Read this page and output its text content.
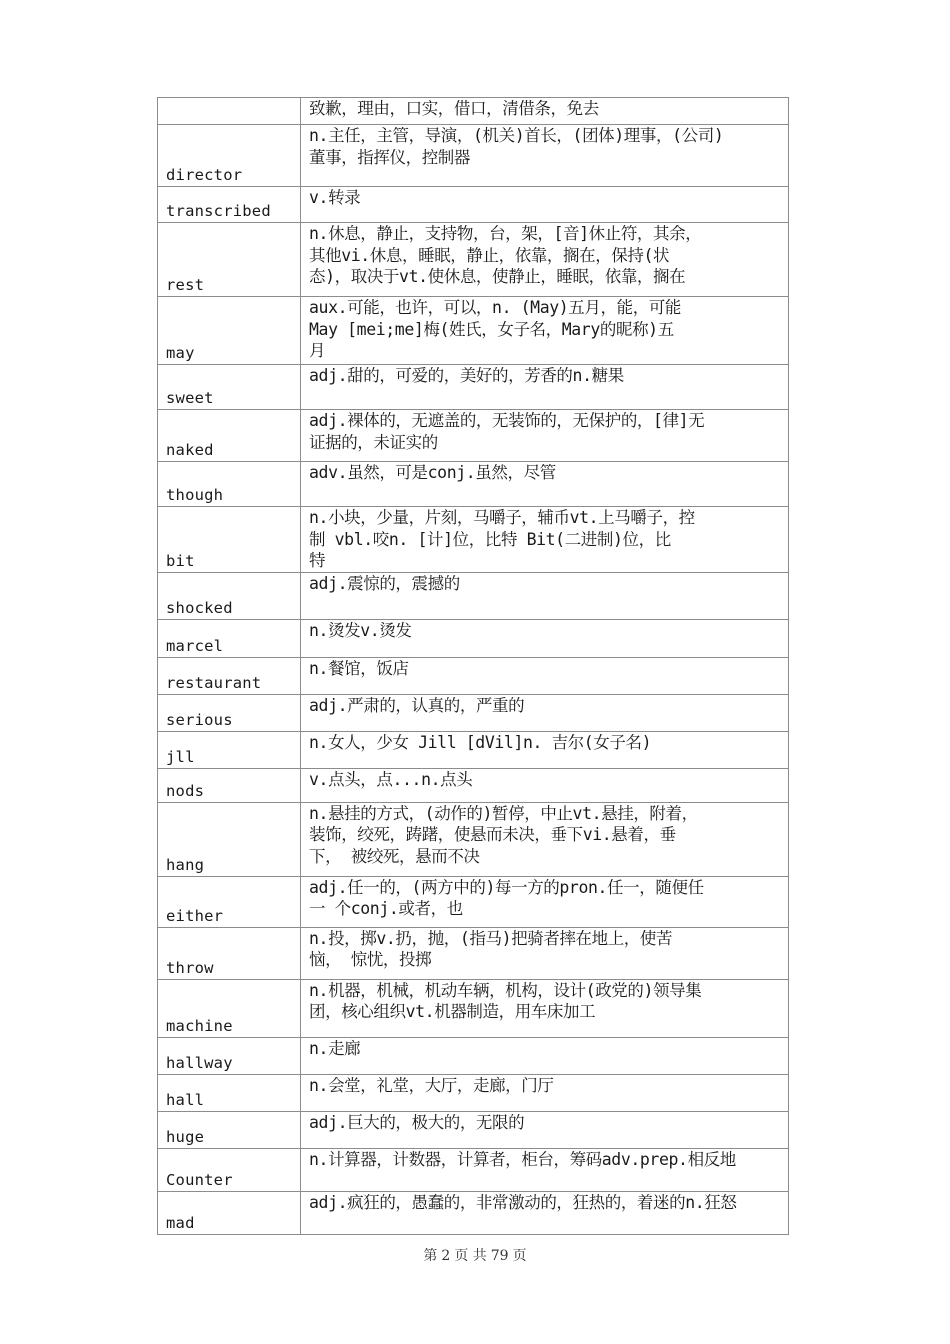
	致歉，理由，口实，借口，清借条，免去

director	n.主任，主管，导演，(机关)首长，(团体)理事，(公司)
董事，指挥仪，控制器

transcribed	v.转录

rest	n.休息，静止，支持物，台，架，[音]休止符，其余，
其他vi.休息，睡眠，静止，依靠，搁在，保持(状
态)，取决于vt.使休息，使静止，睡眠，依靠，搁在

may	aux.可能，也许，可以，n. (May)五月，能，可能
May [mei;me]梅(姓氏，女子名，Mary的昵称)五
月

sweet	adj.甜的，可爱的，美好的，芳香的n.糖果

naked	adj.裸体的，无遮盖的，无装饰的，无保护的，[律]无
证据的，未证实的

though	adv.虽然，可是conj.虽然，尽管

bit	n.小块，少量，片刻，马嚼子，辅币vt.上马嚼子，控
制 vbl.咬n. [计]位，比特 Bit(二进制)位，比
特

shocked	adj.震惊的，震撼的

marcel	n.烫发v.烫发

restaurant	n.餐馆，饭店

serious	adj.严肃的，认真的，严重的

jll	n.女人，少女 Jill [dVil]n. 吉尔(女子名)

nods	v.点头，点...n.点头

hang	n.悬挂的方式，(动作的)暂停，中止vt.悬挂，附着，
装饰，绞死，踌躇，使悬而未决，垂下vi.悬着，垂
下， 被绞死，悬而不决

either	adj.任一的，(两方中的)每一方的pron.任一，随便任
一 个conj.或者，也

throw	n.投，掷v.扔，抛，(指马)把骑者摔在地上，使苦
恼， 惊忧，投掷

machine	n.机器，机械，机动车辆，机构，设计(政党的)领导集
团，核心组织vt.机器制造，用车床加工

hallway	n.走廊

hall	n.会堂，礼堂，大厅，走廊，门厅

huge	adj.巨大的，极大的，无限的

Counter	n.计算器，计数器，计算者，柜台，筹码adv.prep.相反地

mad	adj.疯狂的，愚蠢的，非常激动的，狂热的，着迷的n.狂怒
第 2 页 共 79 页
